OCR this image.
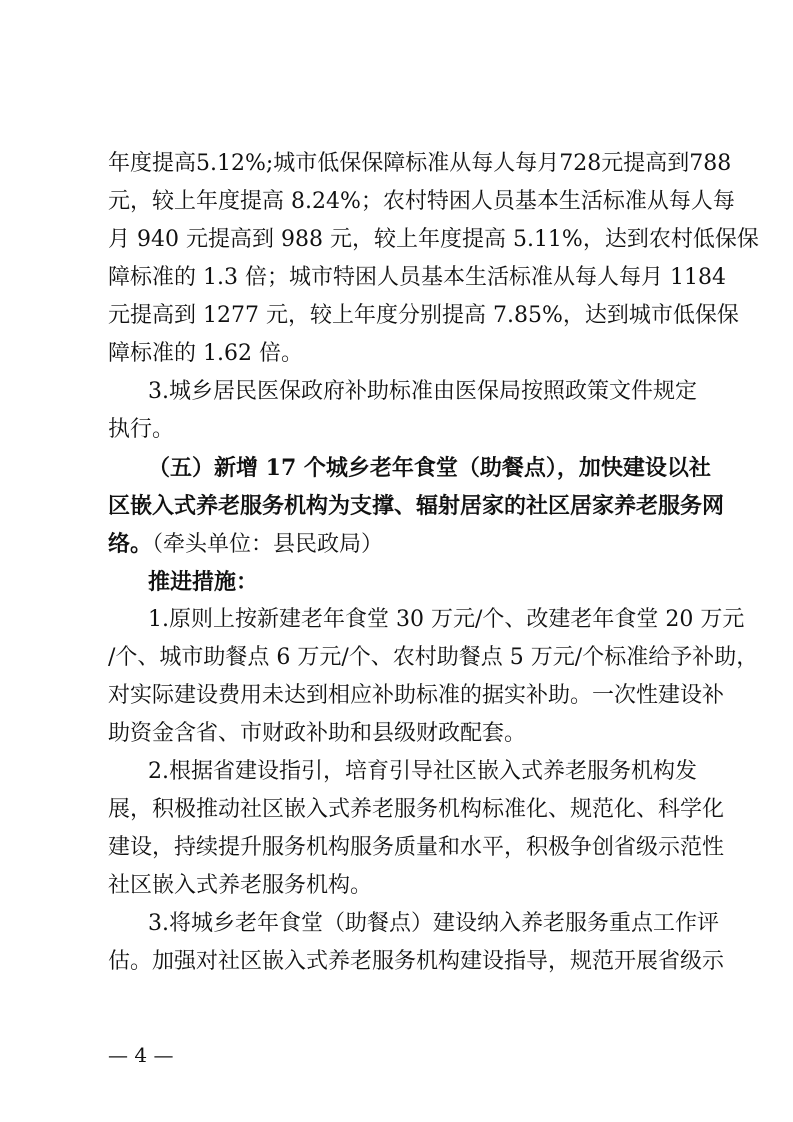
年度提高5.12%;城市低保保障标准从每人每月728元提高到788
元，较上年度提高 8.24%；农村特困人员基本生活标准从每人每
月 940 元提高到 988 元，较上年度提高 5.11%，达到农村低保保
障标准的 1.3 倍；城市特困人员基本生活标准从每人每月 1184
元提高到 1277 元，较上年度分别提高 7.85%，达到城市低保保
障标准的 1.62 倍。
3.城乡居民医保政府补助标准由医保局按照政策文件规定
执行。
（五）新增 17 个城乡老年食堂（助餐点），加快建设以社
区嵌入式养老服务机构为支撑、辐射居家的社区居家养老服务网
络。（牵头单位：县民政局）
推进措施：
1.原则上按新建老年食堂 30 万元/个、改建老年食堂 20 万元
/个、城市助餐点 6 万元/个、农村助餐点 5 万元/个标准给予补助，
对实际建设费用未达到相应补助标准的据实补助。一次性建设补
助资金含省、市财政补助和县级财政配套。
2.根据省建设指引，培育引导社区嵌入式养老服务机构发
展，积极推动社区嵌入式养老服务机构标准化、规范化、科学化
建设，持续提升服务机构服务质量和水平，积极争创省级示范性
社区嵌入式养老服务机构。
3.将城乡老年食堂（助餐点）建设纳入养老服务重点工作评
估。加强对社区嵌入式养老服务机构建设指导，规范开展省级示
— 4 —
